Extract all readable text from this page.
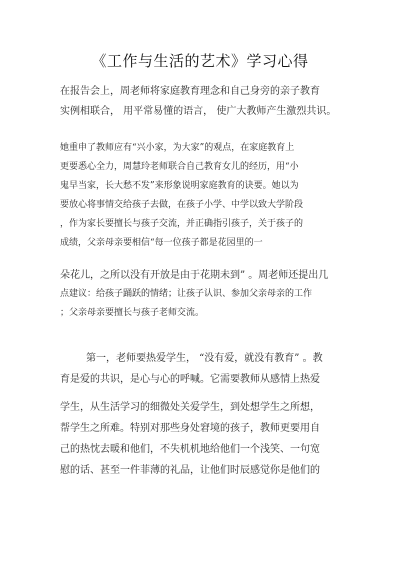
《工作与生活的艺术》学习心得
在报告会上，周老师将家庭教育理念和自己身旁的亲子教育
实例相联合， 用平常易懂的语言， 使广大教师产生激烈共识。
她重申了教师应有“兴小家，为大家”的观点，在家庭教育上
更要悉心全力，周慧玲老师联合自己教育女儿的经历，用“小
鬼早当家，长大愁不发”来形象说明家庭教育的诀要。她以为
要放心将事情交给孩子去做，在孩子小学、中学以致大学阶段
，作为家长要擅长与孩子交流，并正确指引孩子，关于孩子的
成绩，父亲母亲要相信“每一位孩子都是花园里的一
朵花儿，之所以没有开放是由于花期未到” 。周老师还提出几
点建议：给孩子踊跃的情绪；让孩子认识、参加父亲母亲的工作
；父亲母亲要擅长与孩子老师交流。
第一，老师要热爱学生， “没有爱，就没有教育” 。教
育是爱的共识，是心与心的呼喊。它需要教师从感情上热爱
学生，从生活学习的细微处关爱学生，到处想学生之所想，
帮学生之所难。特别对那些身处窘境的孩子，教师更要用自
己的热忱去暖和他们，不失机机地给他们一个浅笑、一句宽
慰的话、甚至一件菲薄的礼品，让他们时辰感觉你是他们的
